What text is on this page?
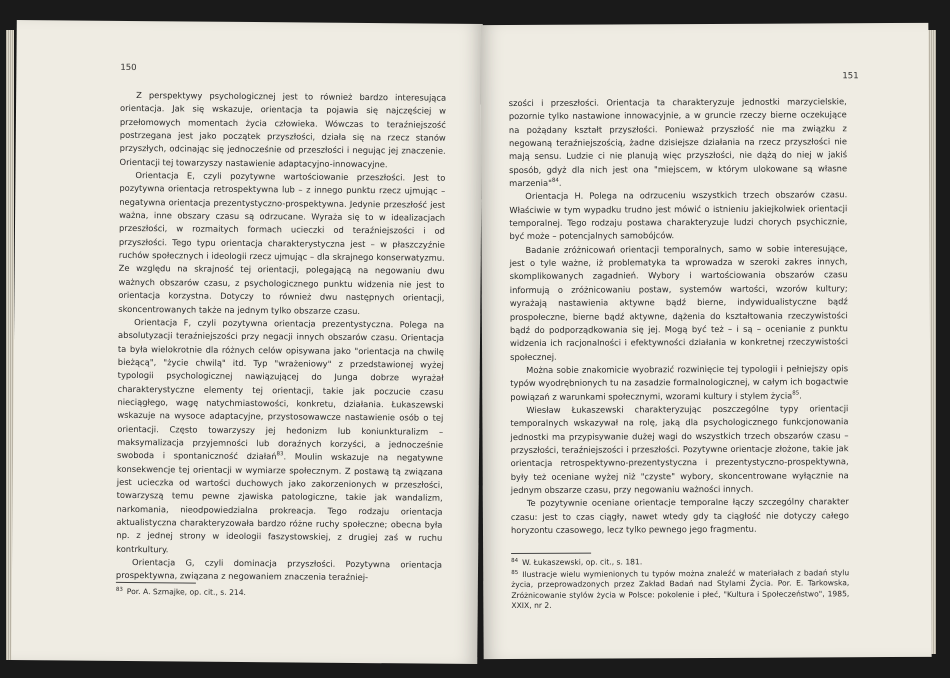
150

Z perspektywy psychologicznej jest to również bardzo interesująca orientacja. Jak się wskazuje, orientacja ta pojawia się najczęściej w przełomowych momentach życia człowieka. Wówczas to teraźniejszość postrzegana jest jako początek przyszłości, działa się na rzecz stanów przyszłych, odcinając się jednocześnie od przeszłości i negując jej znaczenie. Orientacji tej towarzyszy nastawienie adaptacyjno-innowacyjne.

Orientacja E, czyli pozytywne wartościowanie przeszłości. Jest to pozytywna orientacja retrospektywna lub – z innego punktu rzecz ujmując – negatywna orientacja prezentystyczno-prospektywna. Jedynie przeszłość jest ważna, inne obszary czasu są odrzucane. Wyraża się to w idealizacjach przeszłości, w rozmaitych formach ucieczki od teraźniejszości i od przyszłości. Tego typu orientacja charakterystyczna jest – w płaszczyźnie ruchów społecznych i ideologii rzecz ujmując – dla skrajnego konserwatyzmu. Ze względu na skrajność tej orientacji, polegającą na negowaniu dwu ważnych obszarów czasu, z psychologicznego punktu widzenia nie jest to orientacja korzystna. Dotyczy to również dwu następnych orientacji, skoncentrowanych także na jednym tylko obszarze czasu.

Orientacja F, czyli pozytywna orientacja prezentystyczna. Polega na absolutyzacji teraźniejszości przy negacji innych obszarów czasu. Orientacja ta była wielokrotnie dla różnych celów opisywana jako "orientacja na chwilę bieżącą", "życie chwilą" itd. Typ "wrażeniowy" z przedstawionej wyżej typologii psychologicznej nawiązującej do Junga dobrze wyrażał charakterystyczne elementy tej orientacji, takie jak poczucie czasu nieciągłego, wagę natychmiastowości, konkretu, działania. Łukaszewski wskazuje na wysoce adaptacyjne, przystosowawcze nastawienie osób o tej orientacji. Często towarzyszy jej hedonizm lub koniunkturalizm – maksymalizacja przyjemności lub doraźnych korzyści, a jednocześnie swoboda i spontaniczność działań$^{83}$. Moulin wskazuje na negatywne konsekwencje tej orientacji w wymiarze społecznym. Z postawą tą związana jest ucieczka od wartości duchowych jako zakorzenionych w przeszłości, towarzyszą temu pewne zjawiska patologiczne, takie jak wandalizm, narkomania, nieodpowiedzialna prokreacja. Tego rodzaju orientacja aktualistyczna charakteryzowała bardzo różne ruchy społeczne; obecna była np. z jednej strony w ideologii faszystowskiej, z drugiej zaś w ruchu kontrkultury.

Orientacja G, czyli dominacja przyszłości. Pozytywna orientacja prospektywna, związana z negowaniem znaczenia teraźniej-

$^{83}$ Por. A. Szmajke, op. cit., s. 214.

151

szości i przeszłości. Orientacja ta charakteryzuje jednostki marzycielskie, pozornie tylko nastawione innowacyjnie, a w gruncie rzeczy bierne oczekujące na pożądany kształt przyszłości. Ponieważ przyszłość nie ma związku z negowaną teraźniejszością, żadne dzisiejsze działania na rzecz przyszłości nie mają sensu. Ludzie ci nie planują więc przyszłości, nie dążą do niej w jakiś sposób, gdyż dla nich jest ona "miejscem, w którym ulokowane są własne marzenia"$^{84}$.

Orientacja H. Polega na odrzuceniu wszystkich trzech obszarów czasu. Właściwie w tym wypadku trudno jest mówić o istnieniu jakiejkolwiek orientacji temporalnej. Tego rodzaju postawa charakteryzuje ludzi chorych psychicznie, być może – potencjalnych samobójców.

Badanie zróżnicowań orientacji temporalnych, samo w sobie interesujące, jest o tyle ważne, iż problematyka ta wprowadza w szeroki zakres innych, skomplikowanych zagadnień. Wybory i wartościowania obszarów czasu informują o zróżnicowaniu postaw, systemów wartości, wzorów kultury; wyrażają nastawienia aktywne bądź bierne, indywidualistyczne bądź prospołeczne, bierne bądź aktywne, dążenia do kształtowania rzeczywistości bądź do podporządkowania się jej. Mogą być też – i są – ocenianie z punktu widzenia ich racjonalności i efektywności działania w konkretnej rzeczywistości społecznej.

Można sobie znakomicie wyobrazić rozwinięcie tej typologii i pełniejszy opis typów wyodrębnionych tu na zasadzie formalnologicznej, w całym ich bogactwie powiązań z warunkami społecznymi, wzorami kultury i stylem życia$^{85}$.

Wiesław Łukaszewski charakteryzując poszczególne typy orientacji temporalnych wskazywał na rolę, jaką dla psychologicznego funkcjonowania jednostki ma przypisywanie dużej wagi do wszystkich trzech obszarów czasu – przyszłości, teraźniejszości i przeszłości. Pozytywne orientacje złożone, takie jak orientacja retrospektywno-prezentystyczna i prezentystyczno-prospektywna, były też oceniane wyżej niż "czyste" wybory, skoncentrowane wyłącznie na jednym obszarze czasu, przy negowaniu ważności innych.

Te pozytywnie oceniane orientacje temporalne łączy szczególny charakter czasu: jest to czas ciągły, nawet wtedy gdy ta ciągłość nie dotyczy całego horyzontu czasowego, lecz tylko pewnego jego fragmentu.

$^{84}$ W. Łukaszewski, op. cit., s. 181.

$^{85}$ Ilustracje wielu wymienionych tu typów można znaleźć w materiałach z badań stylu życia, przeprowadzonych przez Zakład Badań nad Stylami Życia. Por. E. Tarkowska, Zróżnicowanie stylów życia w Polsce: pokolenie i płeć, "Kultura i Społeczeństwo", 1985, XXIX, nr 2.
